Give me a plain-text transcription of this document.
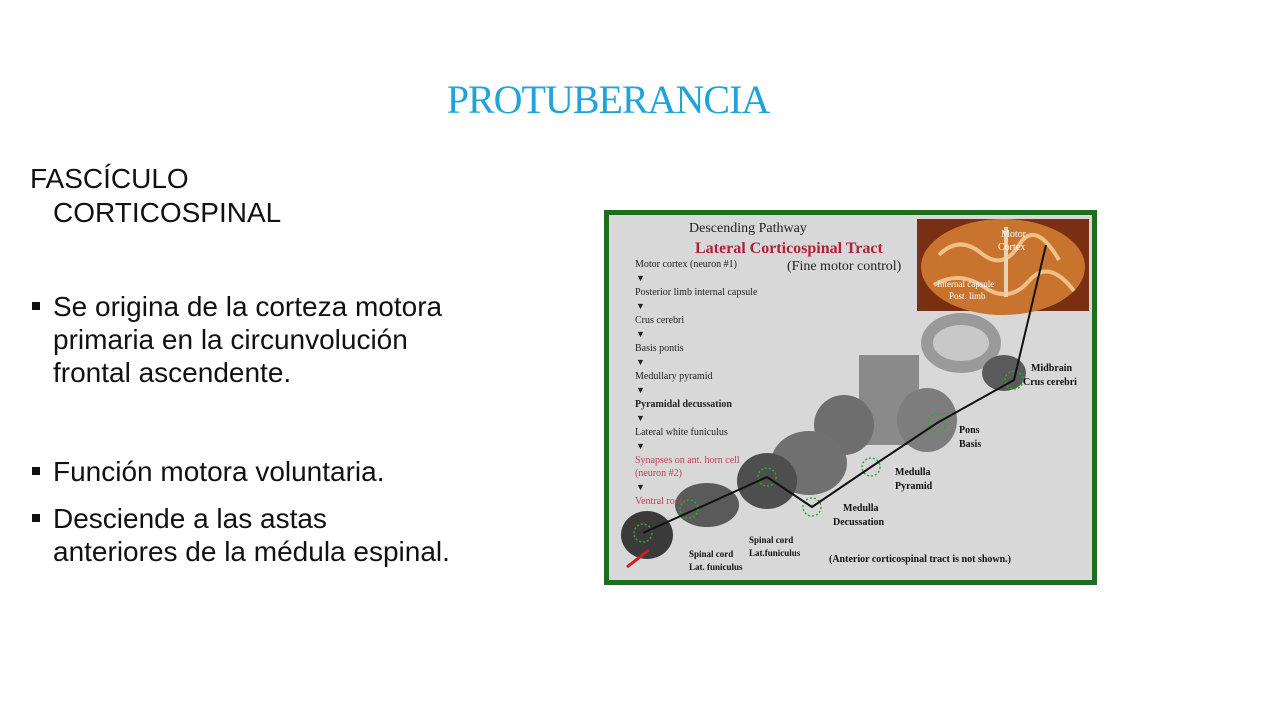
PROTUBERANCIA

FASCÍCULO
CORTICOSPINAL

Se origina de la corteza motora primaria en la circunvolución frontal ascendente.
Función motora voluntaria.
Desciende a las astas anteriores de la médula espinal.
Motor
Cortex
Internal capsule
Post. limb
Descending Pathway
Lateral Corticospinal Tract
(Fine motor control)
Motor cortex (neuron #1)
▼
Posterior limb internal capsule
▼
Crus cerebri
▼
Basis pontis
▼
Medullary pyramid
▼
Pyramidal decussation
▼
Lateral white funiculus
▼
Synapses on ant. horn cell
(neuron #2)
▼
Ventral root
Midbrain
Crus cerebri
Pons
Basis
Medulla
Pyramid
Medulla
Decussation
Spinal cord
Lat.funiculus
Spinal cord
Lat. funiculus
(Anterior corticospinal tract is not shown.)
